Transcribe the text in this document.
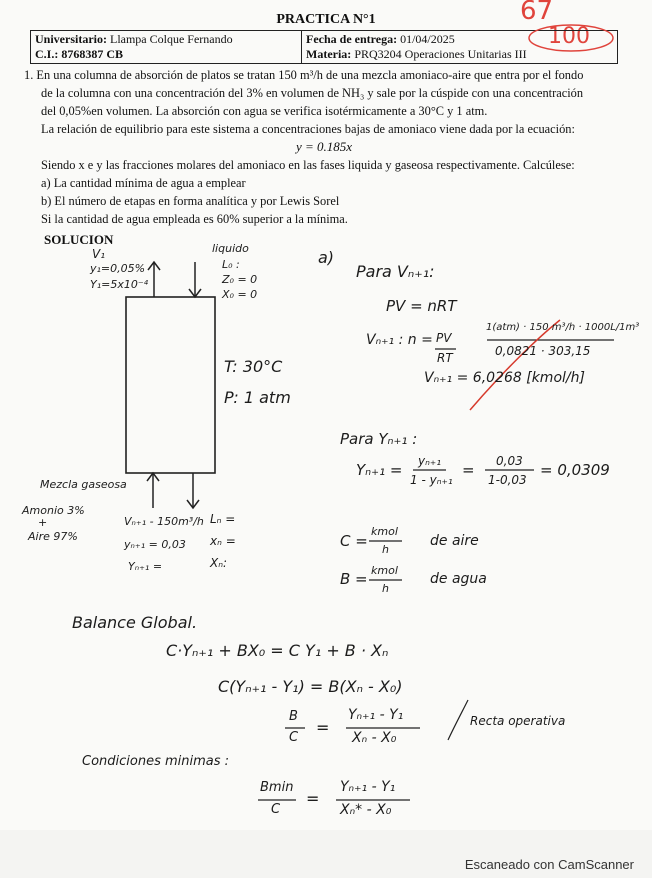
PRACTICA N°1	67
100
Universitario: Llampa Colque Fernando
C.I.: 8768387 CB
Fecha de entrega: 01/04/2025
Materia: PRQ3204 Operaciones Unitarias III

1. En una columna de absorción de platos se tratan 150 m³/h de una mezcla amoniaco-aire que entra por el fondo

de la columna con una concentración del 3% en volumen de NH₃ y sale por la cúspide con una concentración

del 0,05%en volumen. La absorción con agua se verifica isotérmicamente a 30°C y 1 atm.

La relación de equilibrio para este sistema a concentraciones bajas de amoniaco viene dada por la ecuación:

y = 0.185x

Siendo x e y las fracciones molares del amoniaco en las fases liquida y gaseosa respectivamente. Calcúlese:

a) La cantidad mínima de agua a emplear

b) El número de etapas en forma analítica y por Lewis Sorel

Si la cantidad de agua empleada es 60% superior a la mínima.

SOLUCION
V₁
y₁=0,05%
Y₁=5x10⁻⁴
liquido
L₀ :
Z₀ = 0
X₀ = 0
T: 30°C
P: 1 atm
Mezcla gaseosa
Amonio 3%
+
Aire 97%
Vₙ₊₁ - 150m³/h
yₙ₊₁ = 0,03
Yₙ₊₁ =
Lₙ =
xₙ =
Xₙ:
a)
Para Vₙ₊₁:
PV = nRT
Vₙ₊₁ : n = PV
RT
1(atm) · 150 m³/h · 1000L/1m³
0,0821 · 303,15
Vₙ₊₁ = 6,0268 [kmol/h]
Para Yₙ₊₁ :
Yₙ₊₁ = yₙ₊₁
1 - yₙ₊₁
= 0,03
1-0,03
= 0,0309
C =
kmol
h
de aire
B = kmol
h
de agua
Balance Global.
C·Yₙ₊₁ + BX₀ = C Y₁ + B · Xₙ
C(Yₙ₊₁ - Y₁) = B(Xₙ - X₀)
B
C
=
Yₙ₊₁ - Y₁
Xₙ - X₀
Recta operativa
Condiciones minimas :
Bmin
C
=
Yₙ₊₁ - Y₁
Xₙ* - X₀
Escaneado con CamScanner
